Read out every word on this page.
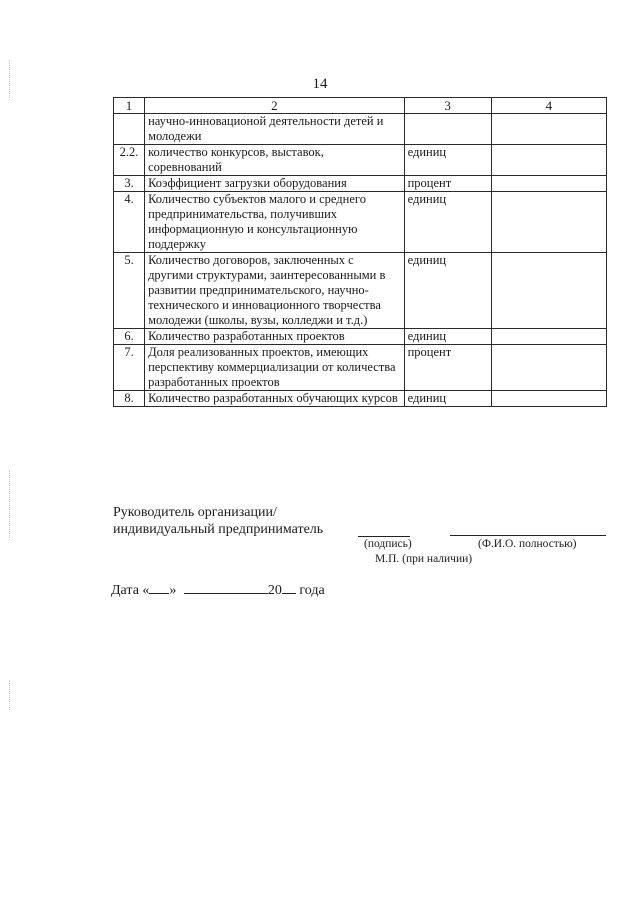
14
1	2	3	4
	научно-инновационой деятельности детей и молодежи		
2.2.	количество конкурсов, выставок, соревнований	единиц	
3.	Коэффициент загрузки оборудования	процент	
4.	Количество субъектов малого и среднего предпринимательства, получивших информационную и консультационную поддержку	единиц	
5.	Количество договоров, заключенных с другими структурами, заинтересованными в развитии предпринимательского, научно-технического и инновационного творчества молодежи (школы, вузы, колледжи и т.д.)	единиц	
6.	Количество разработанных проектов	единиц	
7.	Доля реализованных проектов, имеющих перспективу коммерциализации от количества разработанных проектов	процент	
8.	Количество разработанных обучающих курсов	единиц	
Руководитель организации/
индивидуальный предприниматель
(подпись)	(Ф.И.О. полностью)
М.П. (при наличии)
Дата « »	20 года
